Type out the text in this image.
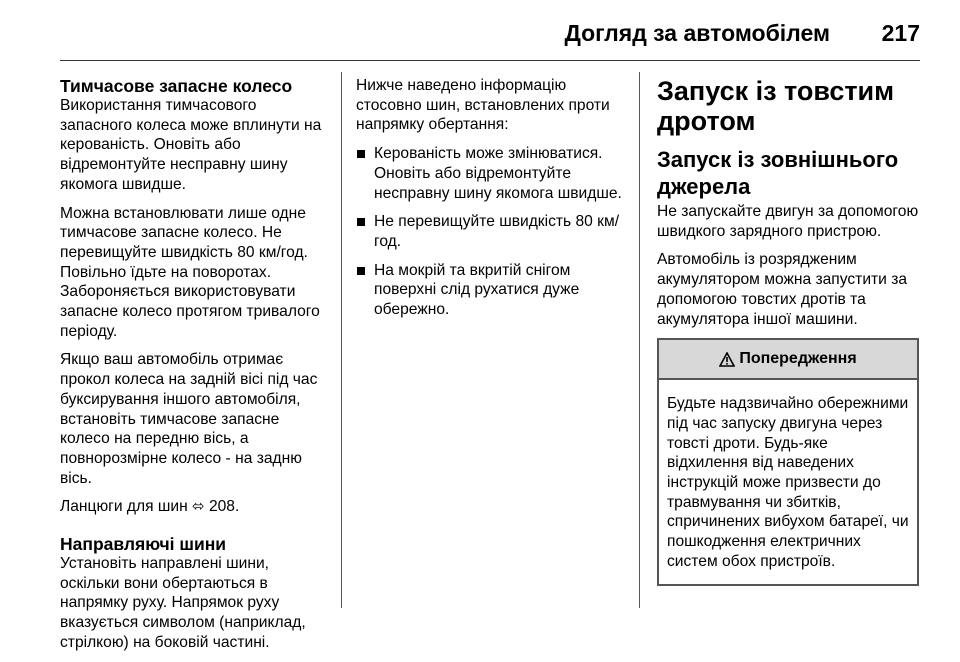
Догляд за автомобілем 217
Тимчасове запасне колесо

Використання тимчасового запасного колеса може вплинути на керованість. Оновіть або відремонтуйте несправну шину якомога швидше.

Можна встановлювати лише одне тимчасове запасне колесо. Не перевищуйте швидкість 80 км/год. Повільно їдьте на поворотах. Забороняється використовувати запасне колесо протягом тривалого періоду.

Якщо ваш автомобіль отримає прокол колеса на задній вісі під час буксирування іншого автомобіля, встановіть тимчасове запасне колесо на передню вісь, а повнорозмірне колесо - на задню вісь.

Ланцюги для шин ⬄ 208.

Направляючі шини

Установіть направлені шини, оскільки вони обертаються в напрямку руху. Напрямок руху вказується символом (наприклад, стрілкою) на боковій частині.

Нижче наведено інформацію стосовно шин, встановлених проти напрямку обертання:

Керованість може змінюватися. Оновіть або відремонтуйте несправну шину якомога швидше.
Не перевищуйте швидкість 80 км/год.
На мокрій та вкритій снігом поверхні слід рухатися дуже обережно.
Запуск із товстим дротом
Запуск із зовнішнього джерела

Не запускайте двигун за допомогою швидкого зарядного пристрою.

Автомобіль із розрядженим акумулятором можна запустити за допомогою товстих дротів та акумулятора іншої машини.

Попередження
Будьте надзвичайно обережними під час запуску двигуна через товсті дроти. Будь-яке відхилення від наведених інструкцій може призвести до травмування чи збитків, спричинених вибухом батареї, чи пошкодження електричних систем обох пристроїв.
